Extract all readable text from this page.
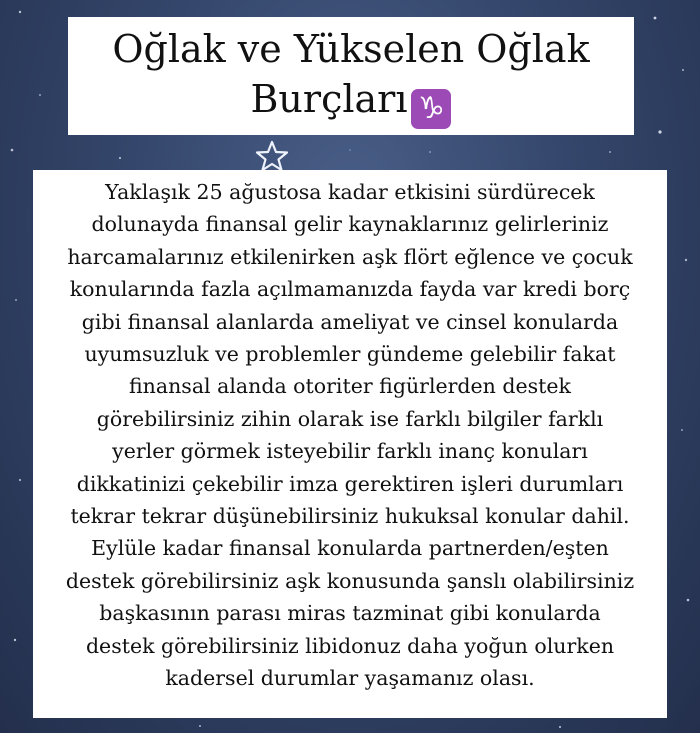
Oğlak ve Yükselen Oğlak
Burçları ♑
Yaklaşık 25 ağustosa kadar etkisini sürdürecek
dolunayda finansal gelir kaynaklarınız gelirleriniz
harcamalarınız etkilenirken aşk flört eğlence ve çocuk
konularında fazla açılmamanızda fayda var kredi borç
gibi finansal alanlarda ameliyat ve cinsel konularda
uyumsuzluk ve problemler gündeme gelebilir fakat
finansal alanda otoriter figürlerden destek
görebilirsiniz zihin olarak ise farklı bilgiler farklı
yerler görmek isteyebilir farklı inanç konuları
dikkatinizi çekebilir imza gerektiren işleri durumları
tekrar tekrar düşünebilirsiniz hukuksal konular dahil.
Eylüle kadar finansal konularda partnerden/eşten
destek görebilirsiniz aşk konusunda şanslı olabilirsiniz
başkasının parası miras tazminat gibi konularda
destek görebilirsiniz libidonuz daha yoğun olurken
kadersel durumlar yaşamanız olası.
